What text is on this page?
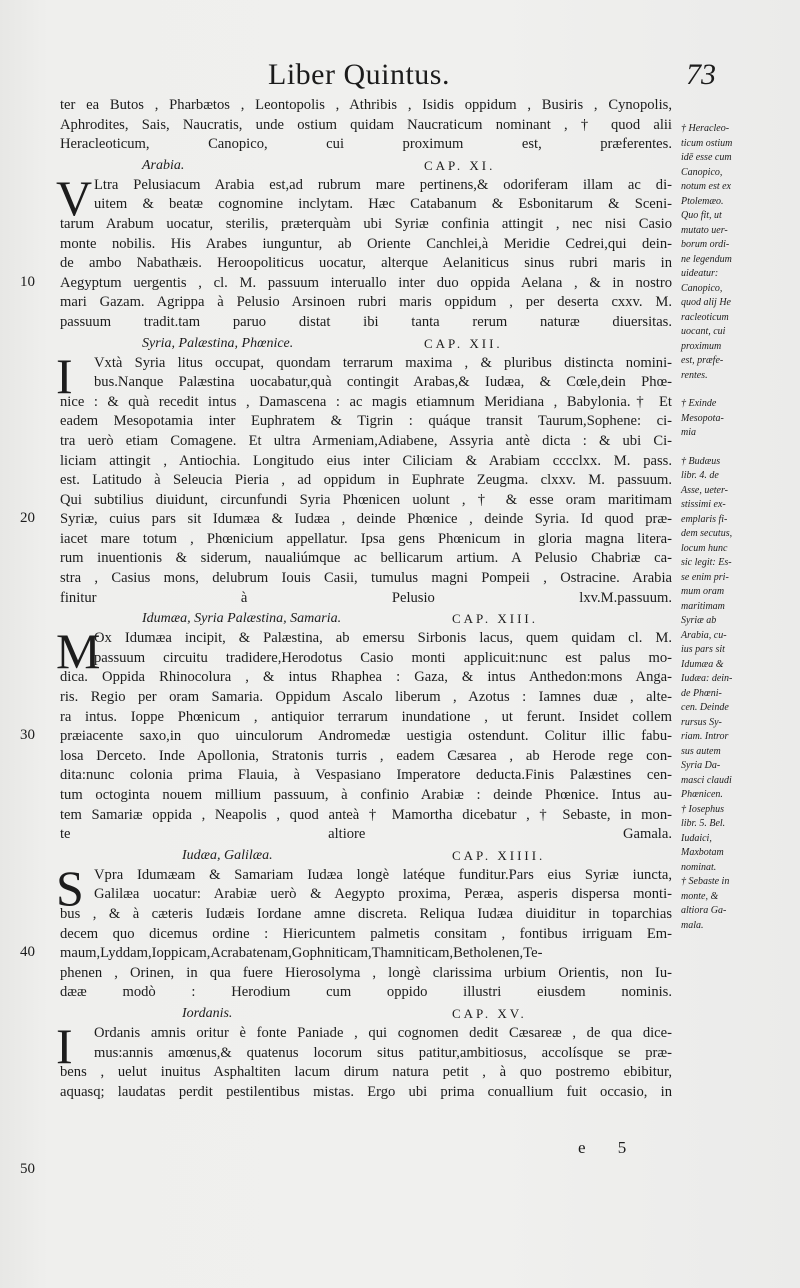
Liber Quintus.	73
10
20
30
40
50
ter ea Butos , Pharbætos , Leontopolis , Athribis , Isidis oppidum , Busiris , Cynopolis,
Aphrodites, Sais, Naucratis, unde ostium quidam Naucraticum nominant , † quod alii
Heracleoticum, Canopico, cui proximum est, præferentes.
Arabia.	CAP. XI.
V Ltra Pelusiacum Arabia est,ad rubrum mare pertinens,& odoriferam illam ac di-
uitem & beatæ cognomine inclytam. Hæc Catabanum & Esbonitarum & Sceni-
tarum Arabum uocatur, sterilis, præterquàm ubi Syriæ confinia attingit , nec nisi Casio
monte nobilis. His Arabes iunguntur, ab Oriente Canchlei,à Meridie Cedrei,qui dein-
de ambo Nabathæis. Heroopoliticus uocatur, alterque Aelaniticus sinus rubri maris in
Aegyptum uergentis , cl. M. passuum interuallo inter duo oppida Aelana , & in nostro
mari Gazam. Agrippa à Pelusio Arsinoen rubri maris oppidum , per deserta cxxv. M.
passuum tradit.tam paruo distat ibi tanta rerum naturæ diuersitas.
Syria, Palæstina, Phœnice.	CAP. XII.
I	Vxtà Syria litus occupat, quondam terrarum maxima , & pluribus distincta nomini-
bus.Nanque Palæstina uocabatur,quà contingit Arabas,& Iudæa, & Cœle,dein Phœ-
nice : & quà recedit intus , Damascena : ac magis etiamnum Meridiana , Babylonia.† Et
eadem Mesopotamia inter Euphratem & Tigrin : quáque transit Taurum,Sophene: ci-
tra uerò etiam Comagene. Et ultra Armeniam,Adiabene, Assyria antè dicta : & ubi Ci-
liciam attingit , Antiochia. Longitudo eius inter Ciliciam & Arabiam cccclxx. M. pass.
est. Latitudo à Seleucia Pieria , ad oppidum in Euphrate Zeugma. clxxv. M. passuum.
Qui subtilius diuidunt, circunfundi Syria Phœnicen uolunt , † & esse oram maritimam
Syriæ, cuius pars sit Idumæa & Iudæa , deinde Phœnice , deinde Syria. Id quod præ-
iacet mare totum , Phœnicium appellatur. Ipsa gens Phœnicum in gloria magna litera-
rum inuentionis & siderum, naualiúmque ac bellicarum artium. A Pelusio Chabriæ ca-
stra , Casius mons, delubrum Iouis Casii, tumulus magni Pompeii , Ostracine. Arabia
finitur à Pelusio lxv.M.passuum.
Idumæa, Syria Palæstina, Samaria.	CAP. XIII.
M
Ox Idumæa incipit, & Palæstina, ab emersu Sirbonis lacus, quem quidam cl. M.
passuum circuitu tradidere,Herodotus Casio monti applicuit:nunc est palus mo-
dica. Oppida Rhinocolura , & intus Rhaphea : Gaza, & intus Anthedon:mons Anga-
ris. Regio per oram Samaria. Oppidum Ascalo liberum , Azotus : Iamnes duæ , alte-
ra intus. Ioppe Phœnicum , antiquior terrarum inundatione , ut ferunt. Insidet collem
præiacente saxo,in quo uinculorum Andromedæ uestigia ostendunt. Colitur illic fabu-
losa Derceto. Inde Apollonia, Stratonis turris , eadem Cæsarea , ab Herode rege con-
dita:nunc colonia prima Flauia, à Vespasiano Imperatore deducta.Finis Palæstines cen-
tum octoginta nouem millium passuum, à confinio Arabiæ : deinde Phœnice. Intus au-
tem Samariæ oppida , Neapolis , quod anteà † Mamortha dicebatur , † Sebaste, in mon-
te altiore Gamala.
Iudæa, Galilæa.	CAP. XIIII.
S Vpra Idumæam & Samariam Iudæa longè latéque funditur.Pars eius Syriæ iuncta,
Galilæa uocatur: Arabiæ uerò & Aegypto proxima, Peræa, asperis dispersa monti-
bus , & à cæteris Iudæis Iordane amne discreta. Reliqua Iudæa diuiditur in toparchias
decem quo dicemus ordine : Hiericuntem palmetis consitam , fontibus irriguam Em-
maum,Lyddam,Ioppicam,Acrabatenam,Gophniticam,Thamniticam,Betholenen,Te-
phenen , Orinen, in qua fuere Hierosolyma , longè clarissima urbium Orientis, non Iu-
dææ modò : Herodium cum oppido illustri eiusdem nominis.
Iordanis.	CAP. XV.
I	Ordanis amnis oritur è fonte Paniade , qui cognomen dedit Cæsareæ , de qua dice-
mus:annis amœnus,& quatenus locorum situs patitur,ambitiosus, accolísque se præ-
bens , uelut inuitus Asphaltiten lacum dirum natura petit , à quo postremo ebibitur,
aquasq; laudatas perdit pestilentibus mistas. Ergo ubi prima conuallium fuit occasio, in
† Heracleo-
ticum ostium
idē esse cum
Canopico,
notum est ex
Ptolemæo.
Quo fit, ut
mutato uer-
borum ordi-
ne legendum
uideatur:
Canopico,
quod alij He
racleoticum
uocant, cui
proximum
est, præfe-
rentes.
† Exinde
Mesopota-
mia
† Budæus
libr. 4. de
Asse, ueter-
stissimi ex-
emplaris fi-
dem secutus,
locum hunc
sic legit: Es-
se enim pri-
mum oram
maritimam
Syriæ ab
Arabia, cu-
ius pars sit
Idumæa &
Iudæa: dein-
de Phœni-
cen. Deinde
rursus Sy-
riam. Intror
sus autem
Syria Da-
masci claudi
Phœnicen.
† Iosephus
libr. 5. Bel.
Iudaici,
Maxbotam
nominat.
† Sebaste in
monte, &
altiora Ga-
mala.
e 5
